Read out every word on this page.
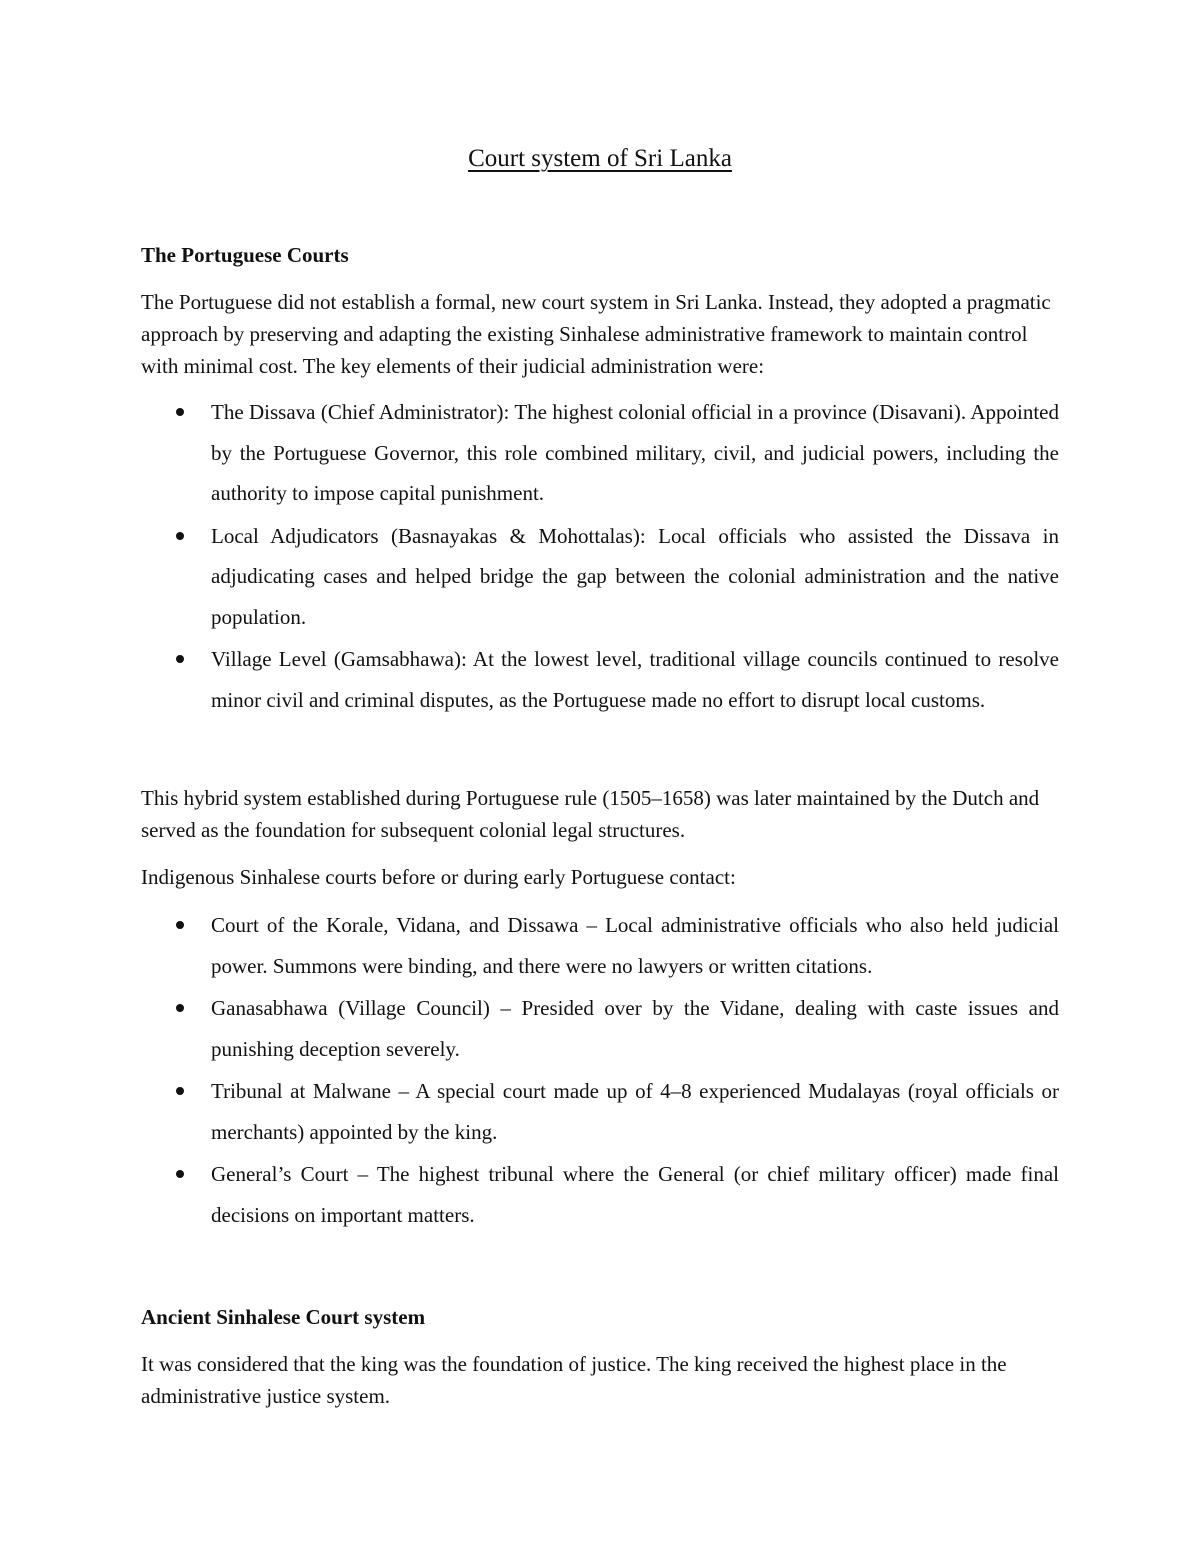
Court system of Sri Lanka
The Portuguese Courts

The Portuguese did not establish a formal, new court system in Sri Lanka. Instead, they adopted a pragmatic approach by preserving and adapting the existing Sinhalese administrative framework to maintain control with minimal cost. The key elements of their judicial administration were:

The Dissava (Chief Administrator): The highest colonial official in a province (Disavani). Appointed by the Portuguese Governor, this role combined military, civil, and judicial powers, including the authority to impose capital punishment.
Local Adjudicators (Basnayakas & Mohottalas): Local officials who assisted the Dissava in adjudicating cases and helped bridge the gap between the colonial administration and the native population.
Village Level (Gamsabhawa): At the lowest level, traditional village councils continued to resolve minor civil and criminal disputes, as the Portuguese made no effort to disrupt local customs.

This hybrid system established during Portuguese rule (1505–1658) was later maintained by the Dutch and served as the foundation for subsequent colonial legal structures.

Indigenous Sinhalese courts before or during early Portuguese contact:

Court of the Korale, Vidana, and Dissawa – Local administrative officials who also held judicial power. Summons were binding, and there were no lawyers or written citations.
Ganasabhawa (Village Council) – Presided over by the Vidane, dealing with caste issues and punishing deception severely.
Tribunal at Malwane – A special court made up of 4–8 experienced Mudalayas (royal officials or merchants) appointed by the king.
General’s Court – The highest tribunal where the General (or chief military officer) made final decisions on important matters.
Ancient Sinhalese Court system

It was considered that the king was the foundation of justice. The king received the highest place in the administrative justice system.
